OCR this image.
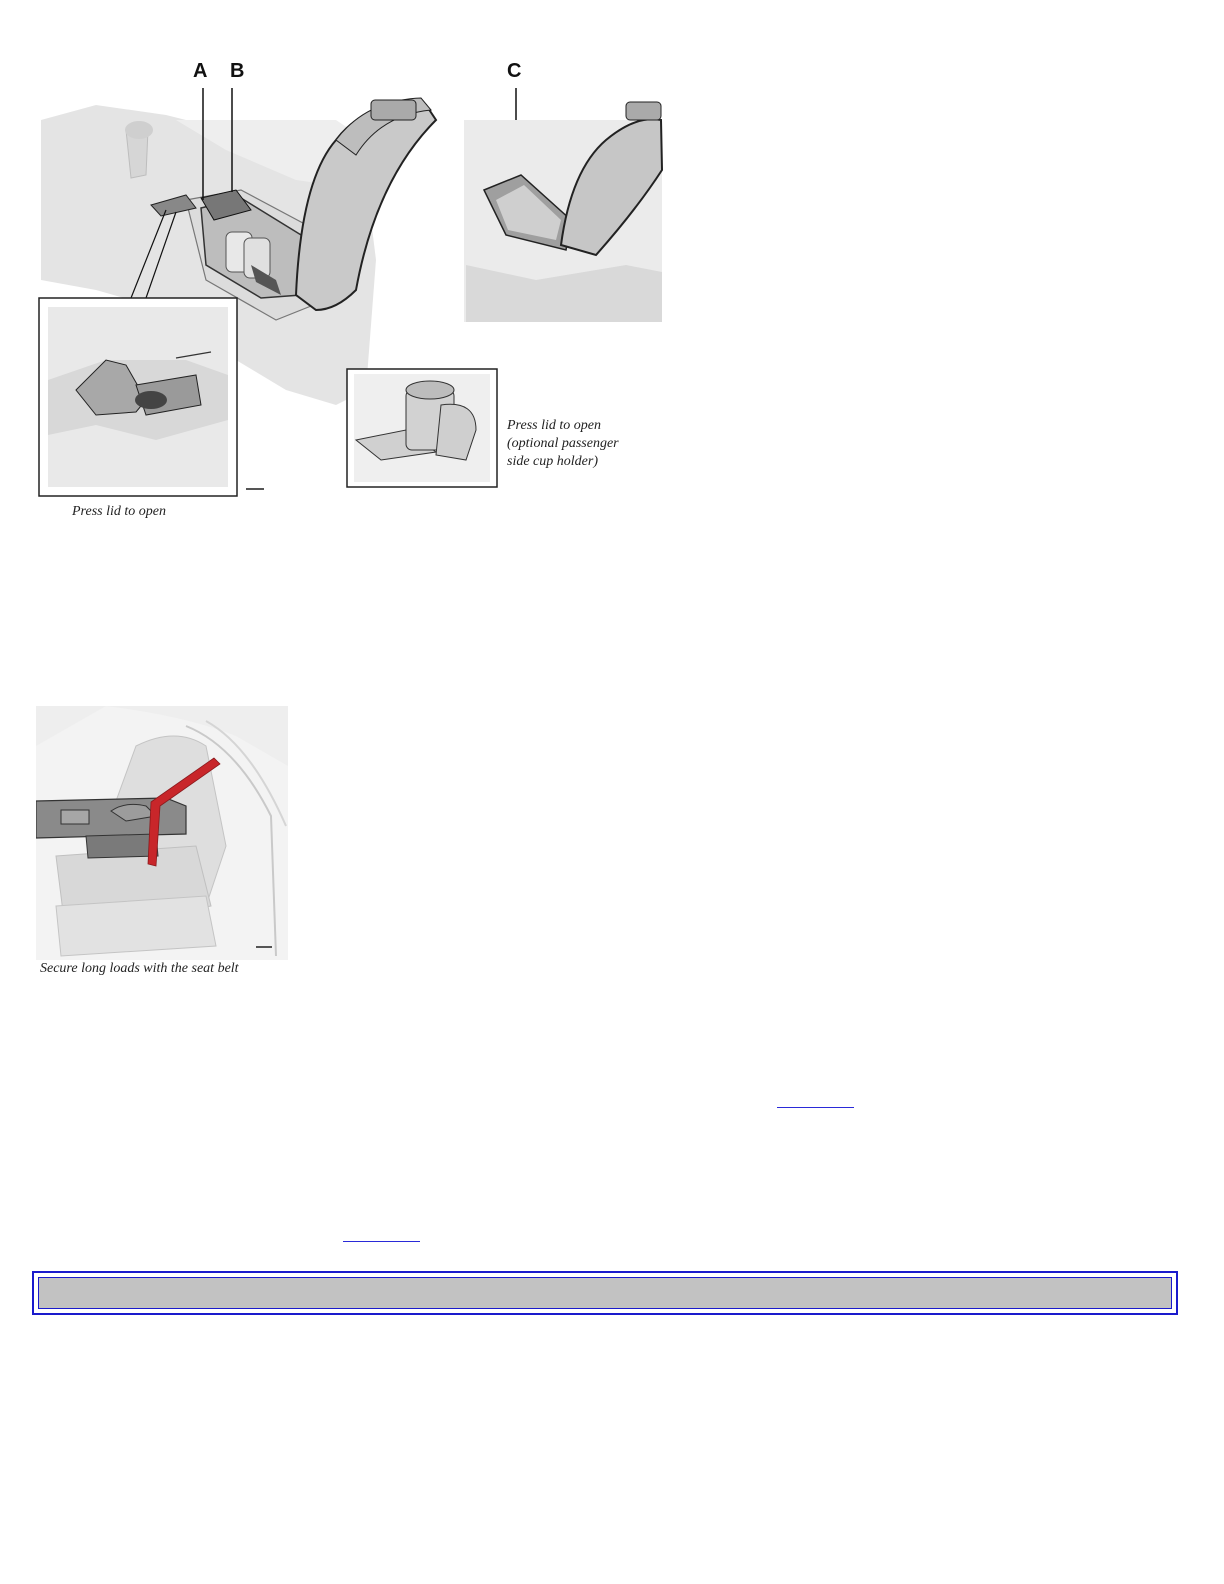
A B	C
Press lid to open
Press lid to open
(optional passenger
side cup holder)
Secure long loads with the seat belt
